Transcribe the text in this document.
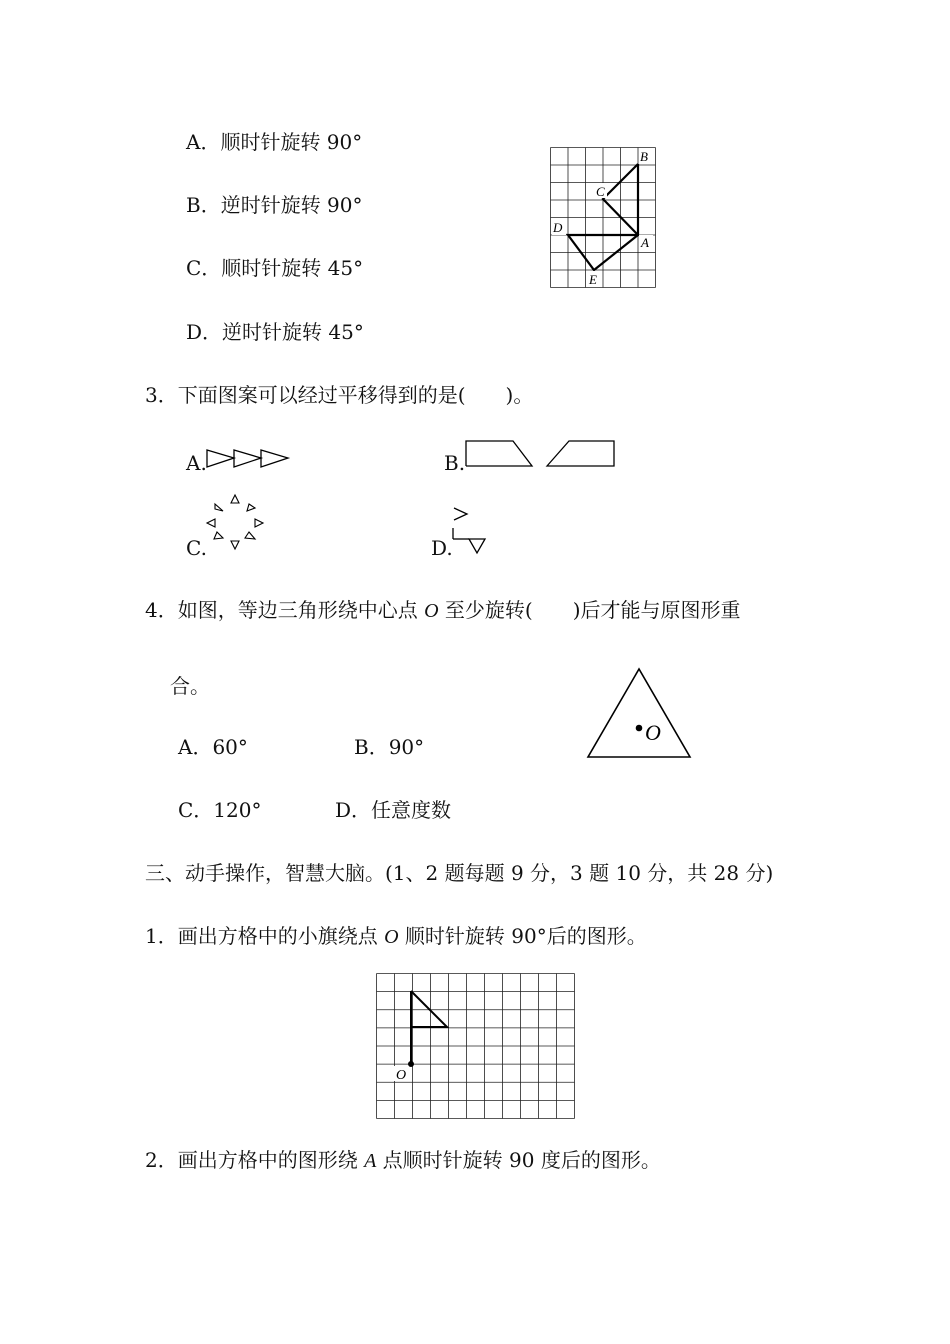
A．顺时针旋转 90°
B．逆时针旋转 90°
C．顺时针旋转 45°
D．逆时针旋转 45°
C
B
D
A
E
3．下面图案可以经过平移得到的是(　　)。
A.	B.
C.	D.
4．如图，等边三角形绕中心点 O 至少旋转(　　)后才能与原图形重
合。
A．60°	B．90°
C．120°	D．任意度数
O
三、动手操作，智慧大脑。(1、2 题每题 9 分，3 题 10 分，共 28 分)
1．画出方格中的小旗绕点 O 顺时针旋转 90°后的图形。
O
2．画出方格中的图形绕 A 点顺时针旋转 90 度后的图形。
